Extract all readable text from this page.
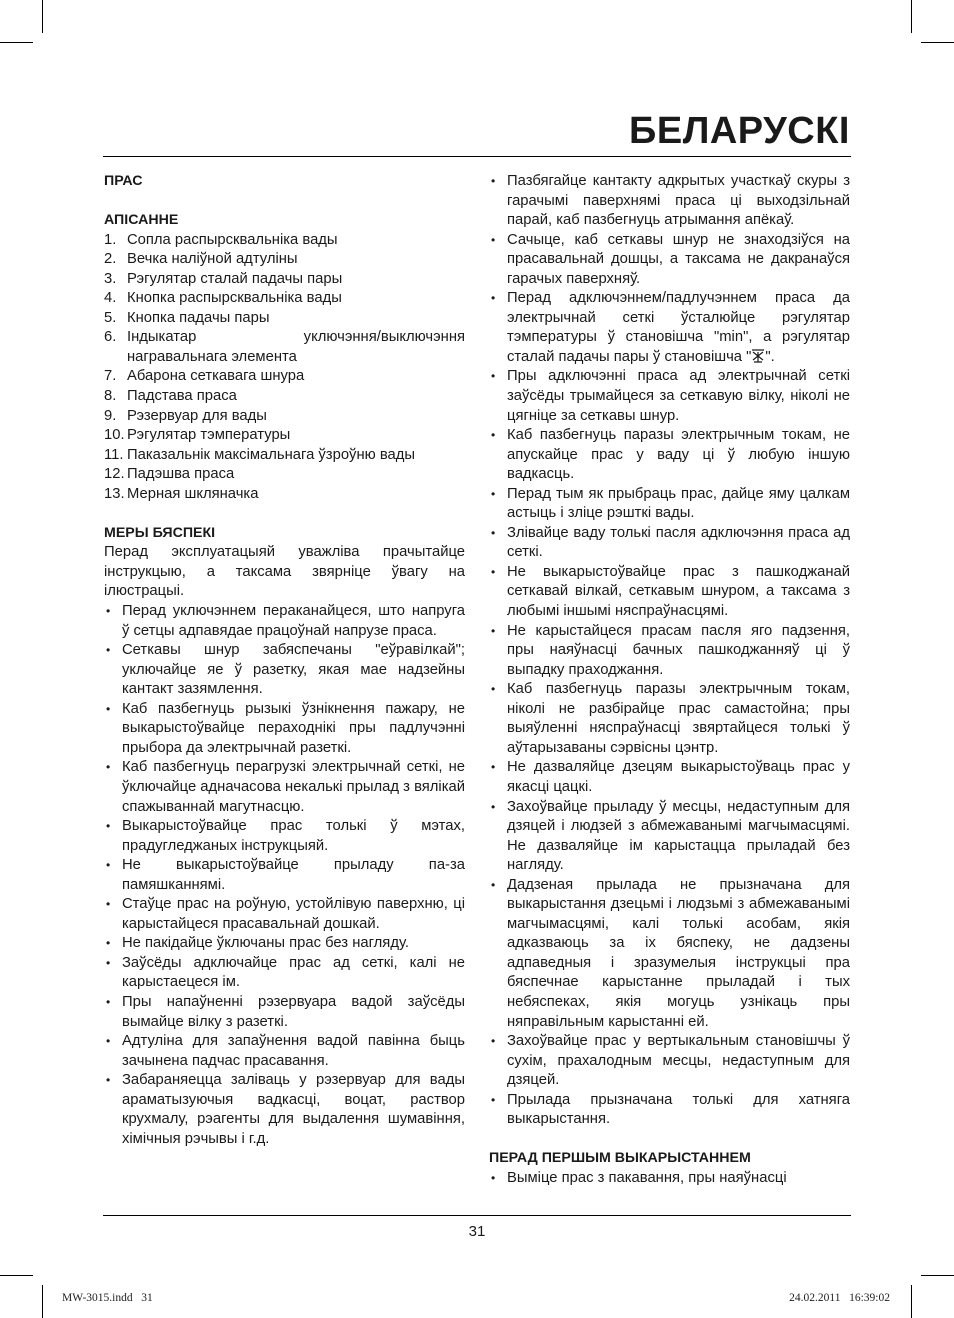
БЕЛАРУСКІ
ПРАС
АПІСАННЕ
1. Сопла распырсквальніка вады
2. Вечка наліўной адтуліны
3. Рэгулятар сталай падачы пары
4. Кнопка распырсквальніка вады
5. Кнопка падачы пары
6. Індыкатар уключэння/выключэння награвальнага элемента
7. Абарона сеткавага шнура
8. Падстава праса
9. Рэзервуар для вады
10. Рэгулятар тэмпературы
11. Паказальнік максімальнага ўзроўню вады
12. Падэшва праса
13. Мерная шкляначка
МЕРЫ БЯСПЕКІ

Перад эксплуатацыяй уважліва прачытайце інструкцыю, а таксама звярніце ўвагу на ілюстрацыі.

• Перад уключэннем пераканайцеся, што напруга ў сетцы адпавядае працоўнай напрузе праса.
• Сеткавы шнур забяспечаны "еўравілкай"; уключайце яе ў разетку, якая мае надзейны кантакт зазямлення.
• Каб пазбегнуць рызыкі ўзнікнення пажару, не выкарыстоўвайце пераходнікі пры падлучэнні прыбора да электрычнай разеткі.
• Каб пазбегнуць перагрузкі электрычнай сеткі, не ўключайце адначасова некалькі прылад з вялікай спажываннай магутнасцю.
• Выкарыстоўвайце прас толькі ў мэтах, прадугледжаных інструкцыяй.
• Не выкарыстоўвайце прыладу па-за памяшканнямі.
• Стаўце прас на роўную, устойлівую паверхню, ці карыстайцеся прасавальнай дошкай.
• Не пакідайце ўключаны прас без нагляду.
• Заўсёды адключайце прас ад сеткі, калі не карыстаецеся ім.
• Пры напаўненні рэзервуара вадой заўсёды вымайце вілку з разеткі.
• Адтуліна для запаўнення вадой павінна быць зачынена падчас прасавання.
• Забараняецца заліваць у рэзервуар для вады араматызуючыя вадкасці, воцат, раствор крухмалу, рэагенты для выдалення шумавіння, хімічныя рэчывы і г.д.
• Пазбягайце кантакту адкрытых участкаў скуры з гарачымі паверхнямі праса ці выходзільнай парай, каб пазбегнуць атрымання апёкаў.
• Сачыце, каб сеткавы шнур не знаходзіўся на прасавальнай дошцы, а таксама не дакранаўся гарачых паверхняў.
• Перад адключэннем/падлучэннем праса да электрычнай сеткі ўсталюйце рэгулятар тэмпературы ў становішча "min", а рэгулятар сталай падачы пары ў становішча " ".
• Пры адключэнні праса ад электрычнай сеткі заўсёды трымайцеся за сеткавую вілку, ніколі не цягніце за сеткавы шнур.
• Каб пазбегнуць паразы электрычным токам, не апускайце прас у ваду ці ў любую іншую вадкасць.
• Перад тым як прыбраць прас, дайце яму цалкам астыць і зліце рэшткі вады.
• Злівайце ваду толькі пасля адключэння праса ад сеткі.
• Не выкарыстоўвайце прас з пашкоджанай сеткавай вілкай, сеткавым шнуром, а таксама з любымі іншымі няспраўнасцямі.
• Не карыстайцеся прасам пасля яго падзення, пры наяўнасці бачных пашкоджанняў ці ў выпадку праходжання.
• Каб пазбегнуць паразы электрычным токам, ніколі не разбірайце прас самастойна; пры выяўленні няспраўнасці звяртайцеся толькі ў аўтарызаваны сэрвісны цэнтр.
• Не дазваляйце дзецям выкарыстоўваць прас у якасці цацкі.
• Захоўвайце прыладу ў месцы, недаступным для дзяцей і людзей з абмежаванымі магчымасцямі. Не дазваляйце ім карыстацца прыладай без нагляду.
• Дадзеная прылада не прызначана для выкарыстання дзецьмі і людзьмі з абмежаванымі магчымасцямі, калі толькі асобам, якія адказваюць за іх бяспеку, не дадзены адпаведныя і зразумелыя інструкцыі пра бяспечнае карыстанне прыладай і тых небяспеках, якія могуць узнікаць пры няправільным карыстанні ей.
• Захоўвайце прас у вертыкальным становішчы ў сухім, прахалодным месцы, недаступным для дзяцей.
• Прылада прызначана толькі для хатняга выкарыстання.
ПЕРАД ПЕРШЫМ ВЫКАРЫСТАННЕМ
• Выміце прас з пакавання, пры наяўнасці
31
MW-3015.indd   31	24.02.2011   16:39:02
